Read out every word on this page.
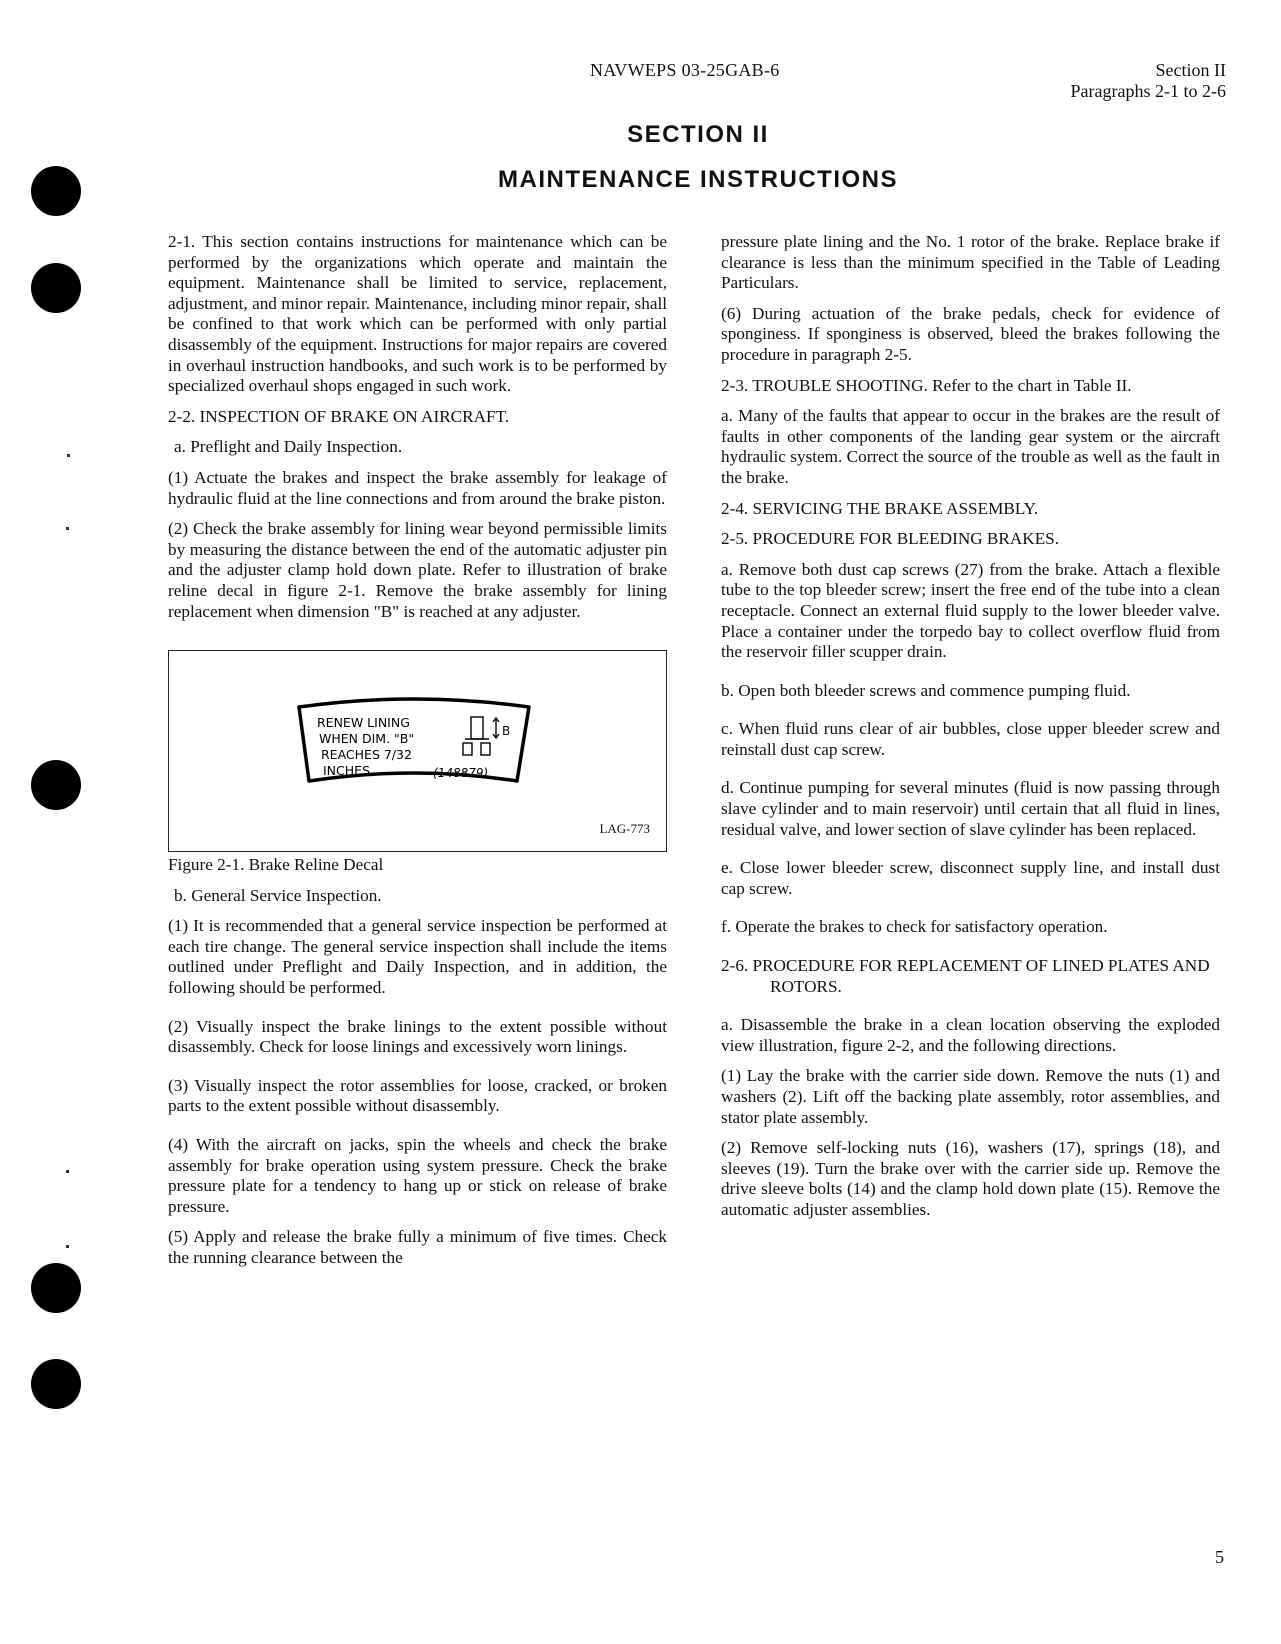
NAVWEPS 03-25GAB-6	Section II
Paragraphs 2-1 to 2-6
SECTION II
MAINTENANCE INSTRUCTIONS

2-1. This section contains instructions for maintenance which can be performed by the organizations which operate and maintain the equipment. Maintenance shall be limited to service, replacement, adjustment, and minor repair. Maintenance, including minor repair, shall be confined to that work which can be performed with only partial disassembly of the equipment. Instructions for major repairs are covered in overhaul instruction handbooks, and such work is to be performed by specialized overhaul shops engaged in such work.

2-2. INSPECTION OF BRAKE ON AIRCRAFT.

a. Preflight and Daily Inspection.

(1) Actuate the brakes and inspect the brake assembly for leakage of hydraulic fluid at the line connections and from around the brake piston.

(2) Check the brake assembly for lining wear beyond permissible limits by measuring the distance between the end of the automatic adjuster pin and the adjuster clamp hold down plate. Refer to illustration of brake reline decal in figure 2-1. Remove the brake assembly for lining replacement when dimension "B" is reached at any adjuster.

RENEW LINING
WHEN DIM. "B"
REACHES 7/32
INCHES.	(148879)
B
LAG-773

Figure 2-1. Brake Reline Decal

b. General Service Inspection.

(1) It is recommended that a general service inspection be performed at each tire change. The general service inspection shall include the items outlined under Preflight and Daily Inspection, and in addition, the following should be performed.

(2) Visually inspect the brake linings to the extent possible without disassembly. Check for loose linings and excessively worn linings.

(3) Visually inspect the rotor assemblies for loose, cracked, or broken parts to the extent possible without disassembly.

(4) With the aircraft on jacks, spin the wheels and check the brake assembly for brake operation using system pressure. Check the brake pressure plate for a tendency to hang up or stick on release of brake pressure.

(5) Apply and release the brake fully a minimum of five times. Check the running clearance between the

pressure plate lining and the No. 1 rotor of the brake. Replace brake if clearance is less than the minimum specified in the Table of Leading Particulars.

(6) During actuation of the brake pedals, check for evidence of sponginess. If sponginess is observed, bleed the brakes following the procedure in paragraph 2-5.

2-3. TROUBLE SHOOTING. Refer to the chart in Table II.

a. Many of the faults that appear to occur in the brakes are the result of faults in other components of the landing gear system or the aircraft hydraulic system. Correct the source of the trouble as well as the fault in the brake.

2-4. SERVICING THE BRAKE ASSEMBLY.

2-5. PROCEDURE FOR BLEEDING BRAKES.

a. Remove both dust cap screws (27) from the brake. Attach a flexible tube to the top bleeder screw; insert the free end of the tube into a clean receptacle. Connect an external fluid supply to the lower bleeder valve. Place a container under the torpedo bay to collect overflow fluid from the reservoir filler scupper drain.

b. Open both bleeder screws and commence pumping fluid.

c. When fluid runs clear of air bubbles, close upper bleeder screw and reinstall dust cap screw.

d. Continue pumping for several minutes (fluid is now passing through slave cylinder and to main reservoir) until certain that all fluid in lines, residual valve, and lower section of slave cylinder has been replaced.

e. Close lower bleeder screw, disconnect supply line, and install dust cap screw.

f. Operate the brakes to check for satisfactory operation.

2-6. PROCEDURE FOR REPLACEMENT OF LINED PLATES AND ROTORS.

a. Disassemble the brake in a clean location observing the exploded view illustration, figure 2-2, and the following directions.

(1) Lay the brake with the carrier side down. Remove the nuts (1) and washers (2). Lift off the backing plate assembly, rotor assemblies, and stator plate assembly.

(2) Remove self-locking nuts (16), washers (17), springs (18), and sleeves (19). Turn the brake over with the carrier side up. Remove the drive sleeve bolts (14) and the clamp hold down plate (15). Remove the automatic adjuster assemblies.

5
